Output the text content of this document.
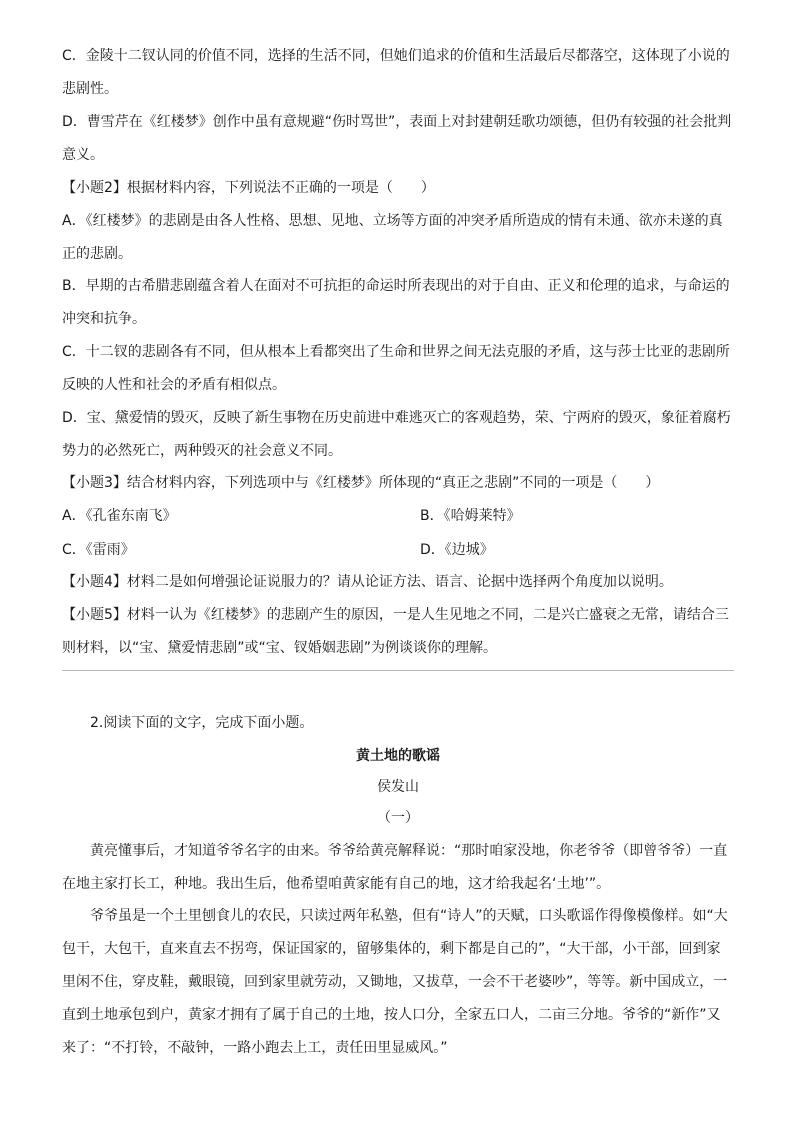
C．金陵十二钗认同的价值不同，选择的生活不同，但她们追求的价值和生活最后尽都落空，这体现了小说的悲剧性。

D．曹雪芹在《红楼梦》创作中虽有意规避“伤时骂世”，表面上对封建朝廷歌功颂德，但仍有较强的社会批判意义。

【小题2】根据材料内容，下列说法不正确的一项是（　　）

A．《红楼梦》的悲剧是由各人性格、思想、见地、立场等方面的冲突矛盾所造成的情有未通、欲亦未遂的真正的悲剧。

B．早期的古希腊悲剧蕴含着人在面对不可抗拒的命运时所表现出的对于自由、正义和伦理的追求，与命运的冲突和抗争。

C．十二钗的悲剧各有不同，但从根本上看都突出了生命和世界之间无法克服的矛盾，这与莎士比亚的悲剧所反映的人性和社会的矛盾有相似点。

D．宝、黛爱情的毁灭，反映了新生事物在历史前进中难逃灭亡的客观趋势，荣、宁两府的毁灭，象征着腐朽势力的必然死亡，两种毁灭的社会意义不同。

【小题3】结合材料内容，下列选项中与《红楼梦》所体现的“真正之悲剧”不同的一项是（　　）

A．《孔雀东南飞》	B．《哈姆莱特》

C．《雷雨》	D．《边城》

【小题4】材料二是如何增强论证说服力的？请从论证方法、语言、论据中选择两个角度加以说明。

【小题5】材料一认为《红楼梦》的悲剧产生的原因，一是人生见地之不同，二是兴亡盛衰之无常，请结合三则材料，以“宝、黛爱情悲剧”或“宝、钗婚姻悲剧”为例谈谈你的理解。

2.阅读下面的文字，完成下面小题。

黄土地的歌谣

侯发山

（一）

黄亮懂事后，才知道爷爷名字的由来。爷爷给黄亮解释说：“那时咱家没地，你老爷爷（即曾爷爷）一直在地主家打长工，种地。我出生后，他希望咱黄家能有自己的地，这才给我起名‘土地’”。

爷爷虽是一个土里刨食儿的农民，只读过两年私塾，但有“诗人”的天赋，口头歌谣作得像模像样。如“大包干，大包干，直来直去不拐弯，保证国家的，留够集体的，剩下都是自己的”，“大干部，小干部，回到家里闲不住，穿皮鞋，戴眼镜，回到家里就劳动，又锄地，又拔草，一会不干老婆吵”，等等。新中国成立，一直到土地承包到户，黄家才拥有了属于自己的土地，按人口分，全家五口人，二亩三分地。爷爷的“新作”又来了：“不打铃，不敲钟，一路小跑去上工，责任田里显威风。”
